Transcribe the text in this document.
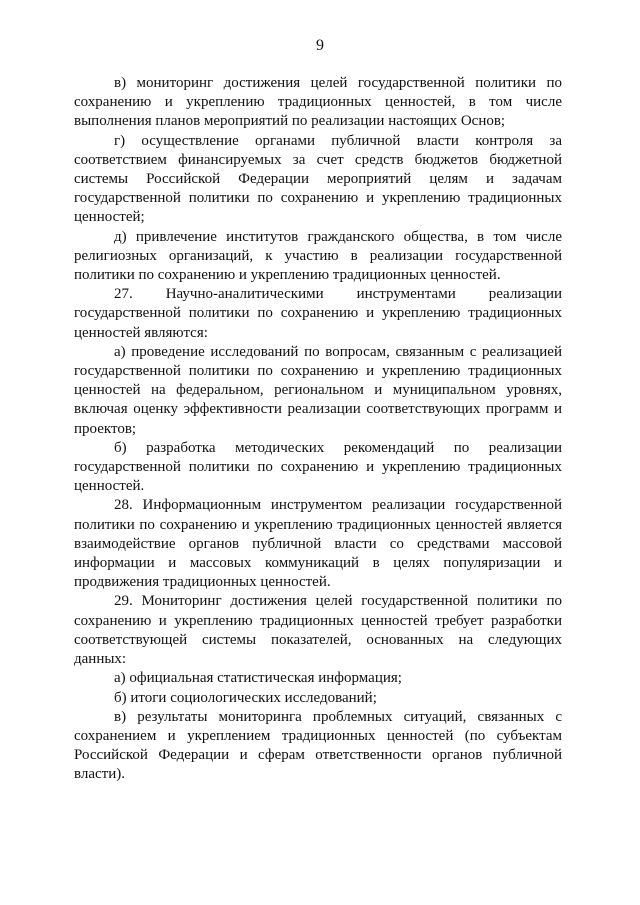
9

в) мониторинг достижения целей государственной политики по сохранению и укреплению традиционных ценностей, в том числе выполнения планов мероприятий по реализации настоящих Основ;

г) осуществление органами публичной власти контроля за соответствием финансируемых за счет средств бюджетов бюджетной системы Российской Федерации мероприятий целям и задачам государственной политики по сохранению и укреплению традиционных ценностей;

д) привлечение институтов гражданского общества, в том числе религиозных организаций, к участию в реализации государственной политики по сохранению и укреплению традиционных ценностей.

27. Научно-аналитическими инструментами реализации государственной политики по сохранению и укреплению традиционных ценностей являются:

а) проведение исследований по вопросам, связанным с реализацией государственной политики по сохранению и укреплению традиционных ценностей на федеральном, региональном и муниципальном уровнях, включая оценку эффективности реализации соответствующих программ и проектов;

б) разработка методических рекомендаций по реализации государственной политики по сохранению и укреплению традиционных ценностей.

28. Информационным инструментом реализации государственной политики по сохранению и укреплению традиционных ценностей является взаимодействие органов публичной власти со средствами массовой информации и массовых коммуникаций в целях популяризации и продвижения традиционных ценностей.

29. Мониторинг достижения целей государственной политики по сохранению и укреплению традиционных ценностей требует разработки соответствующей системы показателей, основанных на следующих данных:

а) официальная статистическая информация;

б) итоги социологических исследований;

в) результаты мониторинга проблемных ситуаций, связанных с сохранением и укреплением традиционных ценностей (по субъектам Российской Федерации и сферам ответственности органов публичной власти).
